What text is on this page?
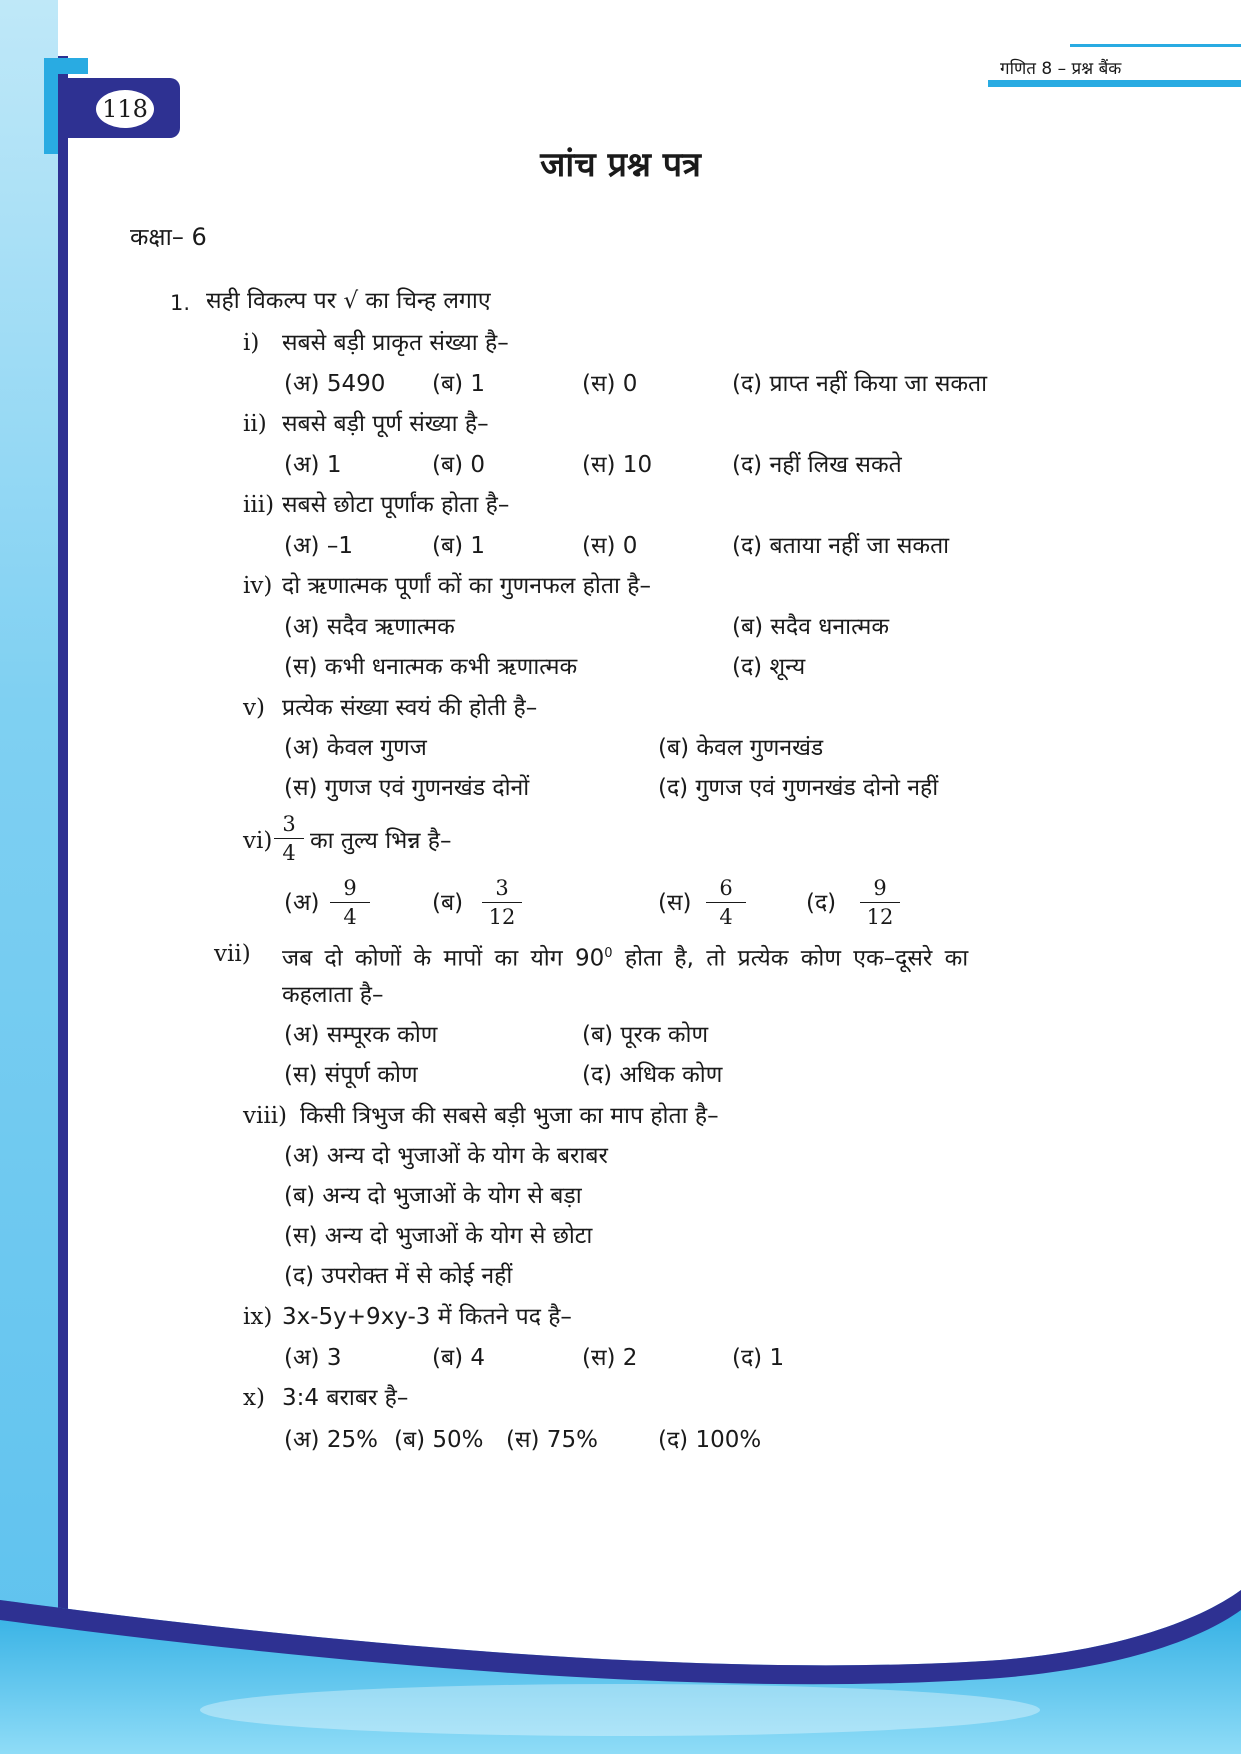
118
गणित 8 – प्रश्न बैंक
जांच प्रश्न पत्र
कक्षा– 6
1. सही विकल्प पर √ का चिन्ह लगाए
i) सबसे बड़ी प्राकृत संख्या है–
(अ) 5490 (ब) 1	(स) 0	(द) प्राप्त नहीं किया जा सकता
ii) सबसे बड़ी पूर्ण संख्या है–
(अ) 1	(ब) 0	(स) 10	(द) नहीं लिख सकते
iii) सबसे छोटा पूर्णांक होता है–
(अ) –1	(ब) 1	(स) 0	(द) बताया नहीं जा सकता
iv) दो ऋणात्मक पूर्णां कों का गुणनफल होता है–
(अ) सदैव ऋणात्मक	(ब) सदैव धनात्मक
(स) कभी धनात्मक कभी ऋणात्मक	(द) शून्य
v) प्रत्येक संख्या स्वयं की होती है–
(अ) केवल गुणज	(ब) केवल गुणनखंड
(स) गुणज एवं गुणनखंड दोनों	(द) गुणज एवं गुणनखंड दोनो नहीं
$vi) \frac{3}{4}$ का तुल्य भिन्न है–
(अ) $\frac{9}{4}$	(ब) $\frac{3}{12}$	(स) $\frac{6}{4}$	(द) $\frac{9}{12}$
vii) जब दो कोणों के मापों का योग $90^0$ होता है, तो प्रत्येक कोण एक–दूसरे का
कहलाता है–
(अ) सम्पूरक कोण	(ब) पूरक कोण
(स) संपूर्ण कोण	(द) अधिक कोण
viii) किसी त्रिभुज की सबसे बड़ी भुजा का माप होता है–
(अ) अन्य दो भुजाओं के योग के बराबर
(ब) अन्य दो भुजाओं के योग से बड़ा
(स) अन्य दो भुजाओं के योग से छोटा
(द) उपरोक्त में से कोई नहीं
ix) 3x-5y+9xy-3 में कितने पद है–
(अ) 3	(ब) 4	(स) 2	(द) 1
x) 3:4 बराबर है–
(अ) 25% (ब) 50% (स) 75%	(द) 100%
